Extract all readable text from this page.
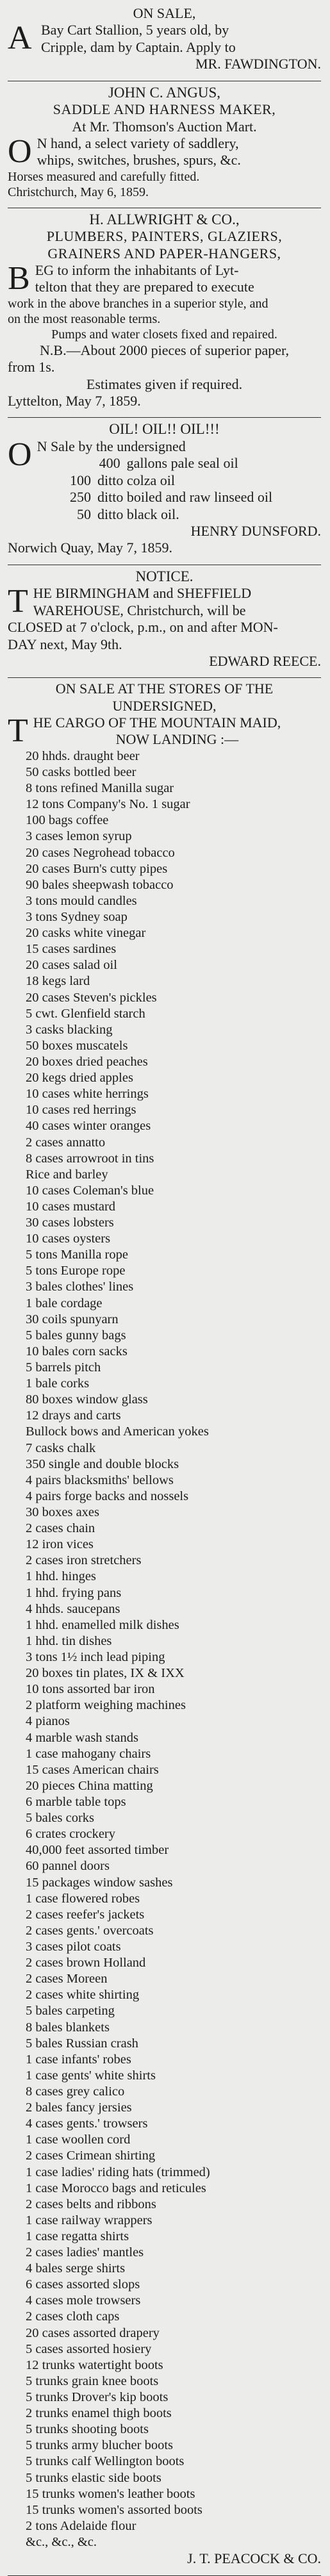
ON SALE,
A Bay Cart Stallion, 5 years old, by
Cripple, dam by Captain. Apply to
MR. FAWDINGTON.
JOHN C. ANGUS,
SADDLE AND HARNESS MAKER,
At Mr. Thomson's Auction Mart.
O N hand, a select variety of saddlery,
whips, switches, brushes, spurs, &c.
Horses measured and carefully fitted.
Christchurch, May 6, 1859.
H. ALLWRIGHT & CO.,
PLUMBERS, PAINTERS, GLAZIERS,
GRAINERS AND PAPER-HANGERS,
B EG to inform the inhabitants of Lyt-
telton that they are prepared to execute
work in the above branches in a superior style, and
on the most reasonable terms.
Pumps and water closets fixed and repaired.
N.B.—About 2000 pieces of superior paper,
from 1s.
Estimates given if required.
Lyttelton, May 7, 1859.
OIL! OIL!! OIL!!!
O N Sale by the undersigned
400 gallons pale seal oil
100 ditto colza oil
250 ditto boiled and raw linseed oil
50 ditto black oil.
HENRY DUNSFORD.
Norwich Quay, May 7, 1859.
NOTICE.
T HE BIRMINGHAM and SHEFFIELD
WAREHOUSE, Christchurch, will be
CLOSED at 7 o'clock, p.m., on and after MON-
DAY next, May 9th.
EDWARD REECE.
ON SALE AT THE STORES OF THE
UNDERSIGNED,
T HE CARGO OF THE MOUNTAIN MAID,
NOW LANDING :—
20 hhds. draught beer
50 casks bottled beer
8 tons refined Manilla sugar
12 tons Company's No. 1 sugar
100 bags coffee
3 cases lemon syrup
20 cases Negrohead tobacco
20 cases Burn's cutty pipes
90 bales sheepwash tobacco
3 tons mould candles
3 tons Sydney soap
20 casks white vinegar
15 cases sardines
20 cases salad oil
18 kegs lard
20 cases Steven's pickles
5 cwt. Glenfield starch
3 casks blacking
50 boxes muscatels
20 boxes dried peaches
20 kegs dried apples
10 cases white herrings
10 cases red herrings
40 cases winter oranges
2 cases annatto
8 cases arrowroot in tins
Rice and barley
10 cases Coleman's blue
10 cases mustard
30 cases lobsters
10 cases oysters
5 tons Manilla rope
5 tons Europe rope
3 bales clothes' lines
1 bale cordage
30 coils spunyarn
5 bales gunny bags
10 bales corn sacks
5 barrels pitch
1 bale corks
80 boxes window glass
12 drays and carts
Bullock bows and American yokes
7 casks chalk
350 single and double blocks
4 pairs blacksmiths' bellows
4 pairs forge backs and nossels
30 boxes axes
2 cases chain
12 iron vices
2 cases iron stretchers
1 hhd. hinges
1 hhd. frying pans
4 hhds. saucepans
1 hhd. enamelled milk dishes
1 hhd. tin dishes
3 tons 1½ inch lead piping
20 boxes tin plates, IX & IXX
10 tons assorted bar iron
2 platform weighing machines
4 pianos
4 marble wash stands
1 case mahogany chairs
15 cases American chairs
20 pieces China matting
6 marble table tops
5 bales corks
6 crates crockery
40,000 feet assorted timber
60 pannel doors
15 packages window sashes
1 case flowered robes
2 cases reefer's jackets
2 cases gents.' overcoats
3 cases pilot coats
2 cases brown Holland
2 cases Moreen
2 cases white shirting
5 bales carpeting
8 bales blankets
5 bales Russian crash
1 case infants' robes
1 case gents' white shirts
8 cases grey calico
2 bales fancy jersies
4 cases gents.' trowsers
1 case woollen cord
2 cases Crimean shirting
1 case ladies' riding hats (trimmed)
1 case Morocco bags and reticules
2 cases belts and ribbons
1 case railway wrappers
1 case regatta shirts
2 cases ladies' mantles
4 bales serge shirts
6 cases assorted slops
4 cases mole trowsers
2 cases cloth caps
20 cases assorted drapery
5 cases assorted hosiery
12 trunks watertight boots
5 trunks grain knee boots
5 trunks Drover's kip boots
2 trunks enamel thigh boots
5 trunks shooting boots
5 trunks army blucher boots
5 trunks calf Wellington boots
5 trunks elastic side boots
15 trunks women's leather boots
15 trunks women's assorted boots
2 tons Adelaide flour
&c., &c., &c.
J. T. PEACOCK & CO.
